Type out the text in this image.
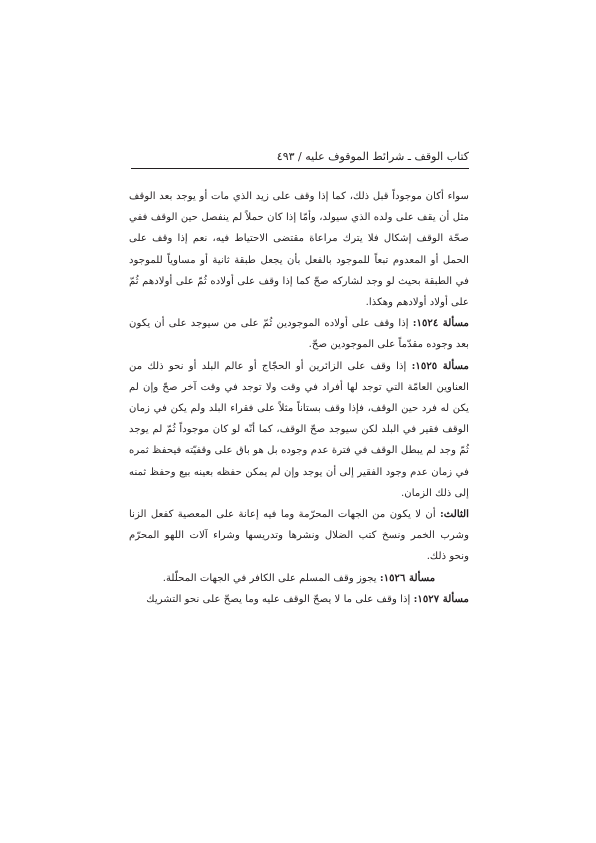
كتاب الوقف ـ شرائط الموقوف عليه / ٤٩٣

سواء أكان موجوداً قبل ذلك، كما إذا وقف على زيد الذي مات أو يوجد بعد الوقف مثل أن يقف على ولده الذي سيولد، وأمّا إذا كان حملاً لم ينفصل حين الوقف ففي صحّة الوقف إشكال فلا يترك مراعاة مقتضى الاحتياط فيه، نعم إذا وقف على الحمل أو المعدوم تبعاً للموجود بالفعل بأن يجعل طبقة ثانية أو مساوياً للموجود في الطبقة بحيث لو وجد لشاركه صحّ كما إذا وقف على أولاده ثُمّ على أولادهم ثُمّ على أولاد أولادهم وهكذا.

مسألة ١٥٢٤: إذا وقف على أولاده الموجودين ثُمّ على من سيوجد على أن يكون بعد وجوده مقدّماً على الموجودين صحّ.

مسألة ١٥٢٥: إذا وقف على الزائرين أو الحجّاج أو عالم البلد أو نحو ذلك من العناوين العامّة التي توجد لها أفراد في وقت ولا توجد في وقت آخر صحّ وإن لم يكن له فرد حين الوقف، فإذا وقف بستاناً مثلاً على فقراء البلد ولم يكن في زمان الوقف فقير في البلد لكن سيوجد صحّ الوقف، كما أنّه لو كان موجوداً ثُمّ لم يوجد ثُمّ وجد لم يبطل الوقف في فترة عدم وجوده بل هو باق على وقفيّته فيحفظ ثمره في زمان عدم وجود الفقير إلى أن يوجد وإن لم يمكن حفظه بعينه بيع وحفظ ثمنه إلى ذلك الزمان.

الثالث: أن لا يكون من الجهات المحرّمة وما فيه إعانة على المعصية كفعل الزنا وشرب الخمر ونسخ كتب الضلال ونشرها وتدريسها وشراء آلات اللهو المحرّم ونحو ذلك.

مسألة ١٥٢٦: يجوز وقف المسلم على الكافر في الجهات المحلّلة.

مسألة ١٥٢٧: إذا وقف على ما لا يصحّ الوقف عليه وما يصحّ على نحو التشريك
